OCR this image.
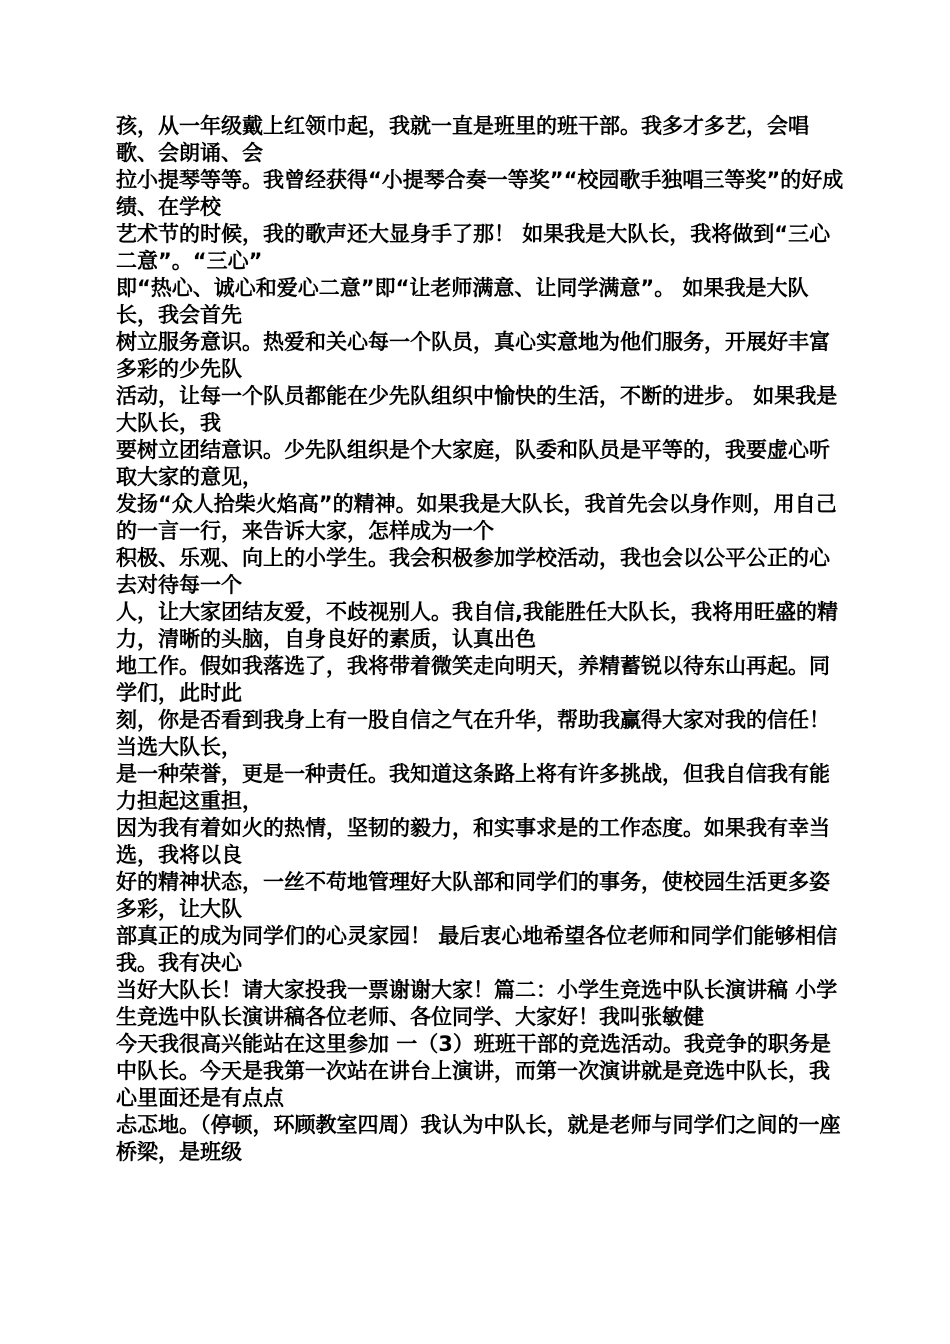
孩，从一年级戴上红领巾起，我就一直是班里的班干部。我多才多艺，会唱歌、会朗诵、会

拉小提琴等等。我曾经获得“小提琴合奏一等奖”“校园歌手独唱三等奖”的好成绩、在学校

艺术节的时候，我的歌声还大显身手了那！ 如果我是大队长，我将做到“三心二意”。“三心”

即“热心、诚心和爱心二意”即“让老师满意、让同学满意”。 如果我是大队长，我会首先

树立服务意识。热爱和关心每一个队员，真心实意地为他们服务，开展好丰富多彩的少先队

活动，让每一个队员都能在少先队组织中愉快的生活，不断的进步。 如果我是大队长，我

要树立团结意识。少先队组织是个大家庭，队委和队员是平等的，我要虚心听取大家的意见，

发扬“众人拾柴火焰高”的精神。如果我是大队长，我首先会以身作则，用自己的一言一行，来告诉大家，怎样成为一个

积极、乐观、向上的小学生。我会积极参加学校活动，我也会以公平公正的心去对待每一个

人，让大家团结友爱，不歧视别人。我自信,我能胜任大队长，我将用旺盛的精力，清晰的头脑，自身良好的素质，认真出色

地工作。假如我落选了，我将带着微笑走向明天，养精蓄锐以待东山再起。同学们，此时此

刻，你是否看到我身上有一股自信之气在升华，帮助我赢得大家对我的信任！当选大队长，

是一种荣誉，更是一种责任。我知道这条路上将有许多挑战，但我自信我有能力担起这重担，

因为我有着如火的热情，坚韧的毅力，和实事求是的工作态度。如果我有幸当选，我将以良

好的精神状态，一丝不苟地管理好大队部和同学们的事务，使校园生活更多姿多彩，让大队

部真正的成为同学们的心灵家园！ 最后衷心地希望各位老师和同学们能够相信我。我有决心

当好大队长！请大家投我一票谢谢大家！篇二：小学生竞选中队长演讲稿 小学生竞选中队长演讲稿各位老师、各位同学、大家好！我叫张敏健

今天我很高兴能站在这里参加 一（3）班班干部的竞选活动。我竞争的职务是中队长。今天是我第一次站在讲台上演讲，而第一次演讲就是竞选中队长，我心里面还是有点点

忐忑地。（停顿，环顾教室四周）我认为中队长，就是老师与同学们之间的一座桥梁，是班级
